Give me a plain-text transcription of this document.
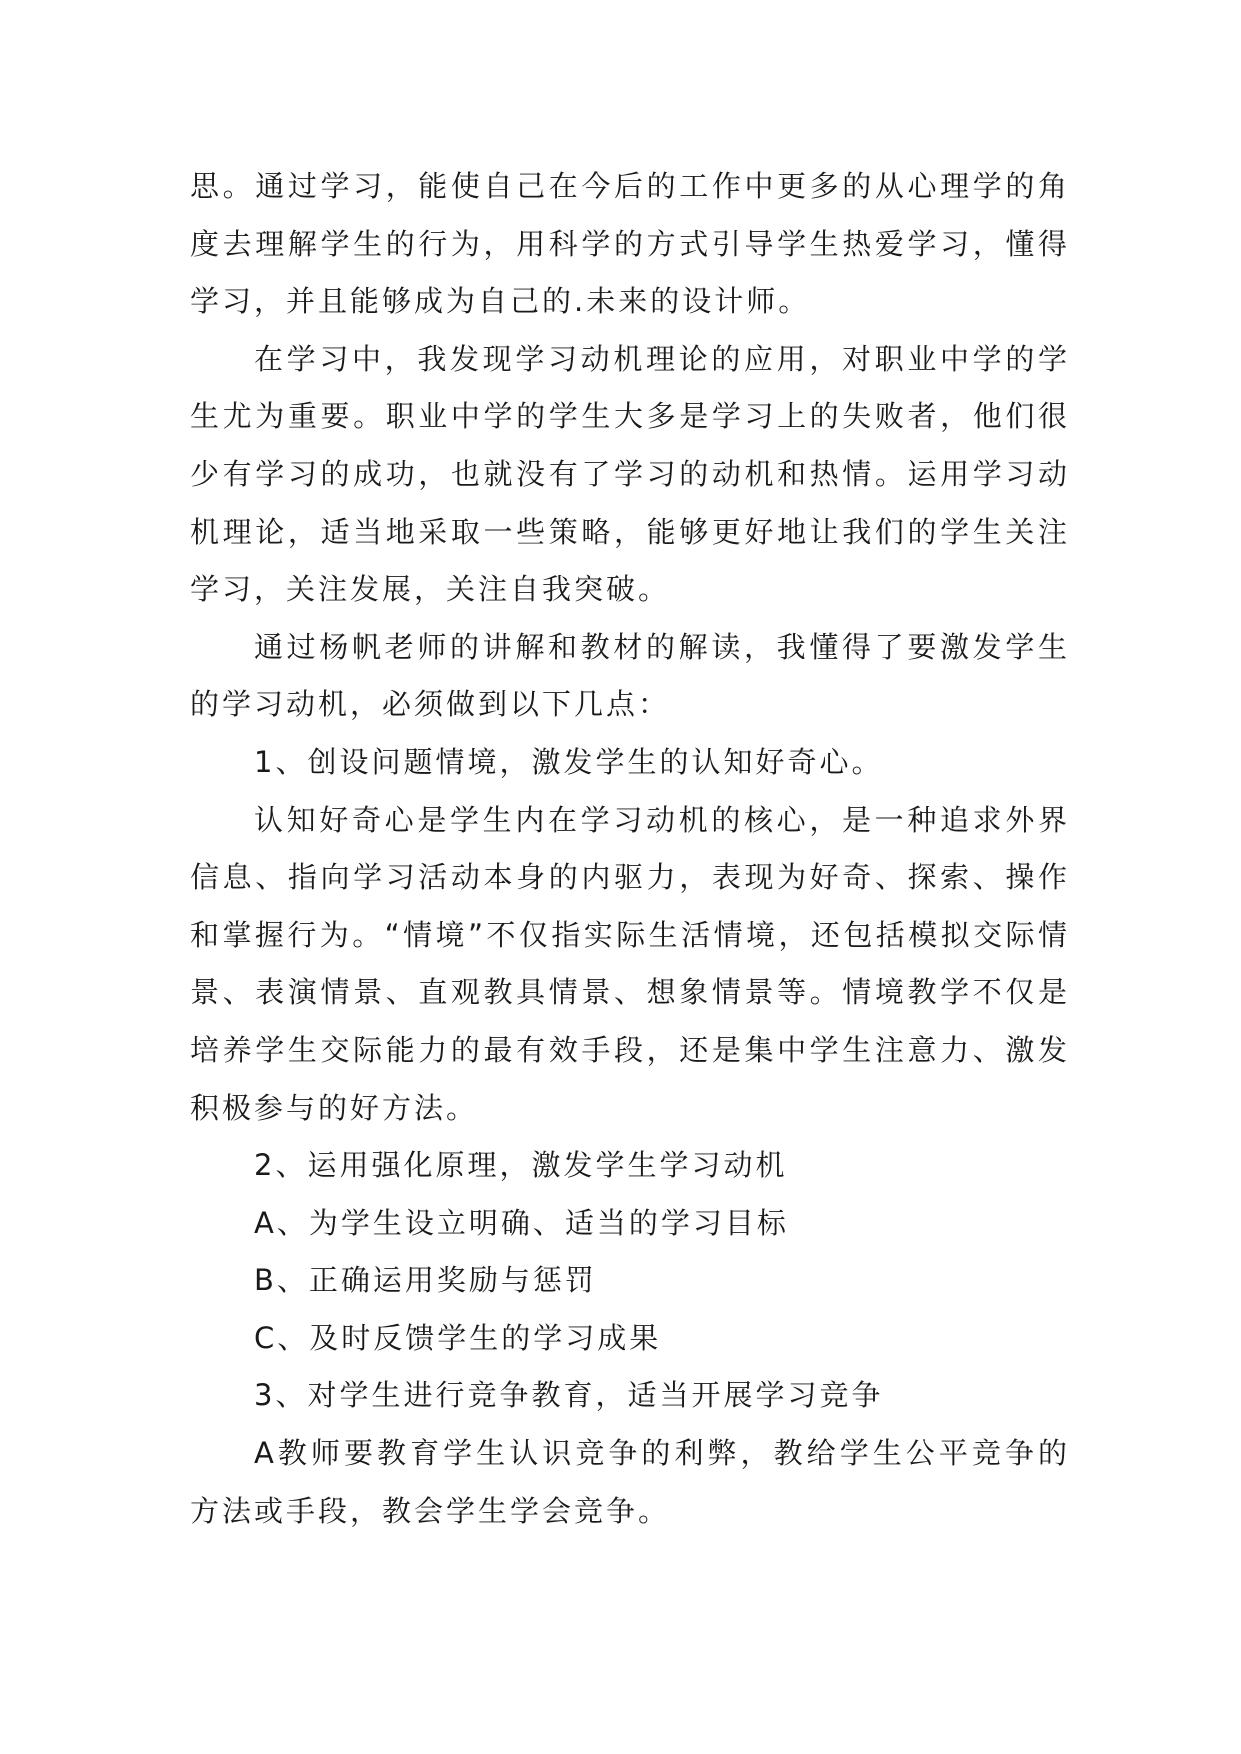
思。通过学习，能使自己在今后的工作中更多的从心理学的角度去理解学生的行为，用科学的方式引导学生热爱学习，懂得学习，并且能够成为自己的.未来的设计师。

在学习中，我发现学习动机理论的应用，对职业中学的学生尤为重要。职业中学的学生大多是学习上的失败者，他们很少有学习的成功，也就没有了学习的动机和热情。运用学习动机理论，适当地采取一些策略，能够更好地让我们的学生关注学习，关注发展，关注自我突破。

通过杨帆老师的讲解和教材的解读，我懂得了要激发学生的学习动机，必须做到以下几点：

1、创设问题情境，激发学生的认知好奇心。

认知好奇心是学生内在学习动机的核心，是一种追求外界信息、指向学习活动本身的内驱力，表现为好奇、探索、操作和掌握行为。“情境”不仅指实际生活情境，还包括模拟交际情景、表演情景、直观教具情景、想象情景等。情境教学不仅是培养学生交际能力的最有效手段，还是集中学生注意力、激发积极参与的好方法。

2、运用强化原理，激发学生学习动机

A、为学生设立明确、适当的学习目标

B、正确运用奖励与惩罚

C、及时反馈学生的学习成果

3、对学生进行竞争教育，适当开展学习竞争

A教师要教育学生认识竞争的利弊，教给学生公平竞争的方法或手段，教会学生学会竞争。
